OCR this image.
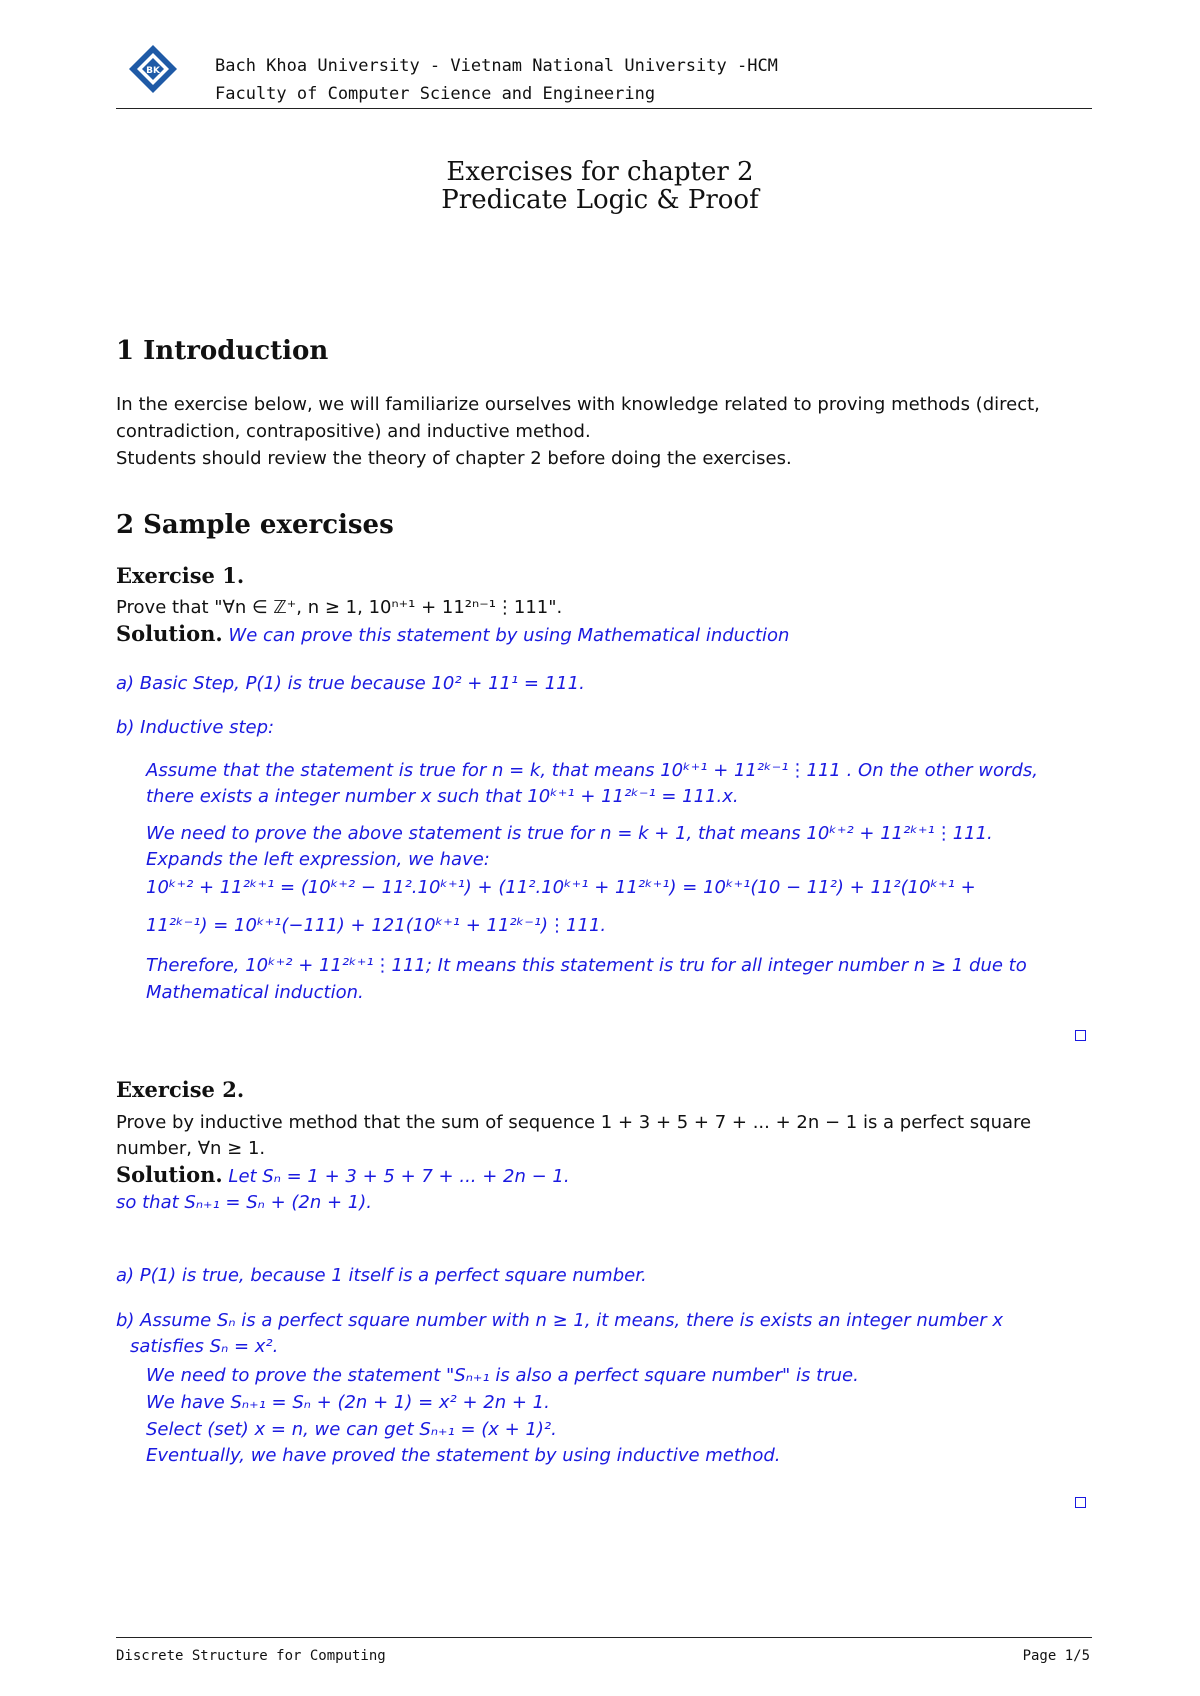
BK	Bach Khoa University - Vietnam National University -HCM
Faculty of Computer Science and Engineering
Exercises for chapter 2
Predicate Logic & Proof
1 Introduction
In the exercise below, we will familiarize ourselves with knowledge related to proving methods (direct,
contradiction, contrapositive) and inductive method.
Students should review the theory of chapter 2 before doing the exercises.
2 Sample exercises
Exercise 1.
Prove that "∀n ∈ ℤ⁺, n ≥ 1, 10ⁿ⁺¹ + 11²ⁿ⁻¹⋮111".
Solution. We can prove this statement by using Mathematical induction
a) Basic Step, P(1) is true because 10² + 11¹ = 111.
b) Inductive step:
Assume that the statement is true for n = k, that means 10ᵏ⁺¹ + 11²ᵏ⁻¹⋮111 . On the other words,
there exists a integer number x such that 10ᵏ⁺¹ + 11²ᵏ⁻¹ = 111.x.
We need to prove the above statement is true for n = k + 1, that means 10ᵏ⁺² + 11²ᵏ⁺¹⋮111.
Expands the left expression, we have:
10ᵏ⁺² + 11²ᵏ⁺¹ = (10ᵏ⁺² − 11².10ᵏ⁺¹) + (11².10ᵏ⁺¹ + 11²ᵏ⁺¹) = 10ᵏ⁺¹(10 − 11²) + 11²(10ᵏ⁺¹ +
11²ᵏ⁻¹) = 10ᵏ⁺¹(−111) + 121(10ᵏ⁺¹ + 11²ᵏ⁻¹)⋮111.
Therefore, 10ᵏ⁺² + 11²ᵏ⁺¹⋮111; It means this statement is tru for all integer number n ≥ 1 due to
Mathematical induction.
Exercise 2.
Prove by inductive method that the sum of sequence 1 + 3 + 5 + 7 + ... + 2n − 1 is a perfect square
number, ∀n ≥ 1.
Solution. Let Sₙ = 1 + 3 + 5 + 7 + ... + 2n − 1.
so that Sₙ₊₁ = Sₙ + (2n + 1).
a) P(1) is true, because 1 itself is a perfect square number.
b) Assume Sₙ is a perfect square number with n ≥ 1, it means, there is exists an integer number x
satisfies Sₙ = x².
We need to prove the statement "Sₙ₊₁ is also a perfect square number" is true.
We have Sₙ₊₁ = Sₙ + (2n + 1) = x² + 2n + 1.
Select (set) x = n, we can get Sₙ₊₁ = (x + 1)².
Eventually, we have proved the statement by using inductive method.
Discrete Structure for Computing	Page 1/5
